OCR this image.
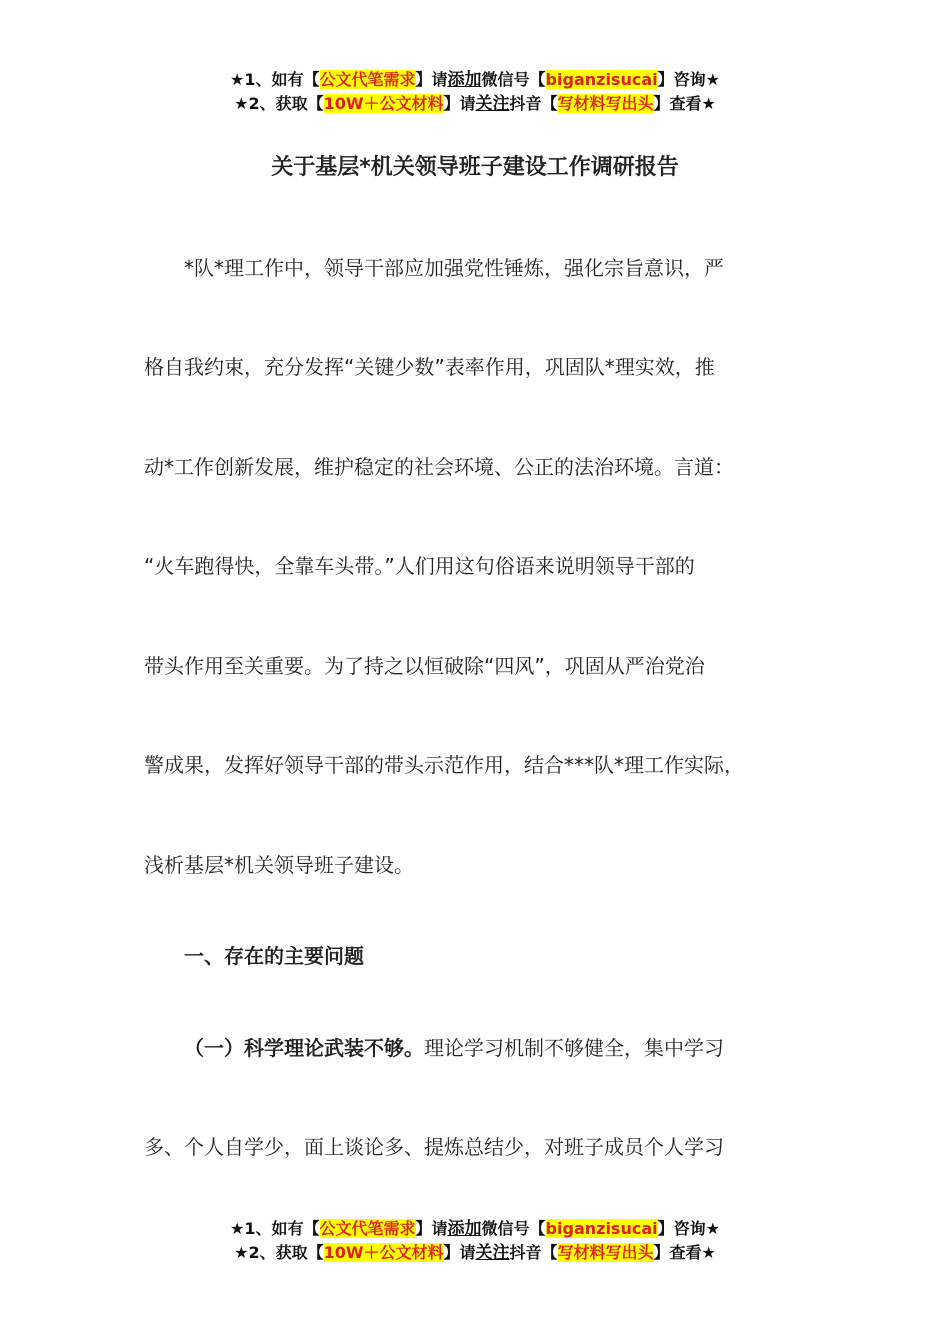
★1、如有【公文代笔需求】请添加微信号【biganzisucai】咨询★
★2、获取【10W＋公文材料】请关注抖音【写材料写出头】查看★
关于基层*机关领导班子建设工作调研报告
*队*理工作中，领导干部应加强党性锤炼，强化宗旨意识，严
格自我约束，充分发挥“关键少数”表率作用，巩固队*理实效，推
动*工作创新发展，维护稳定的社会环境、公正的法治环境。言道：
“火车跑得快，全靠车头带。”人们用这句俗语来说明领导干部的
带头作用至关重要。为了持之以恒破除“四风”，巩固从严治党治
警成果，发挥好领导干部的带头示范作用，结合***队*理工作实际，
浅析基层*机关领导班子建设。
一、存在的主要问题
（一）科学理论武装不够。理论学习机制不够健全，集中学习
多、个人自学少，面上谈论多、提炼总结少，对班子成员个人学习
★1、如有【公文代笔需求】请添加微信号【biganzisucai】咨询★
★2、获取【10W＋公文材料】请关注抖音【写材料写出头】查看★
